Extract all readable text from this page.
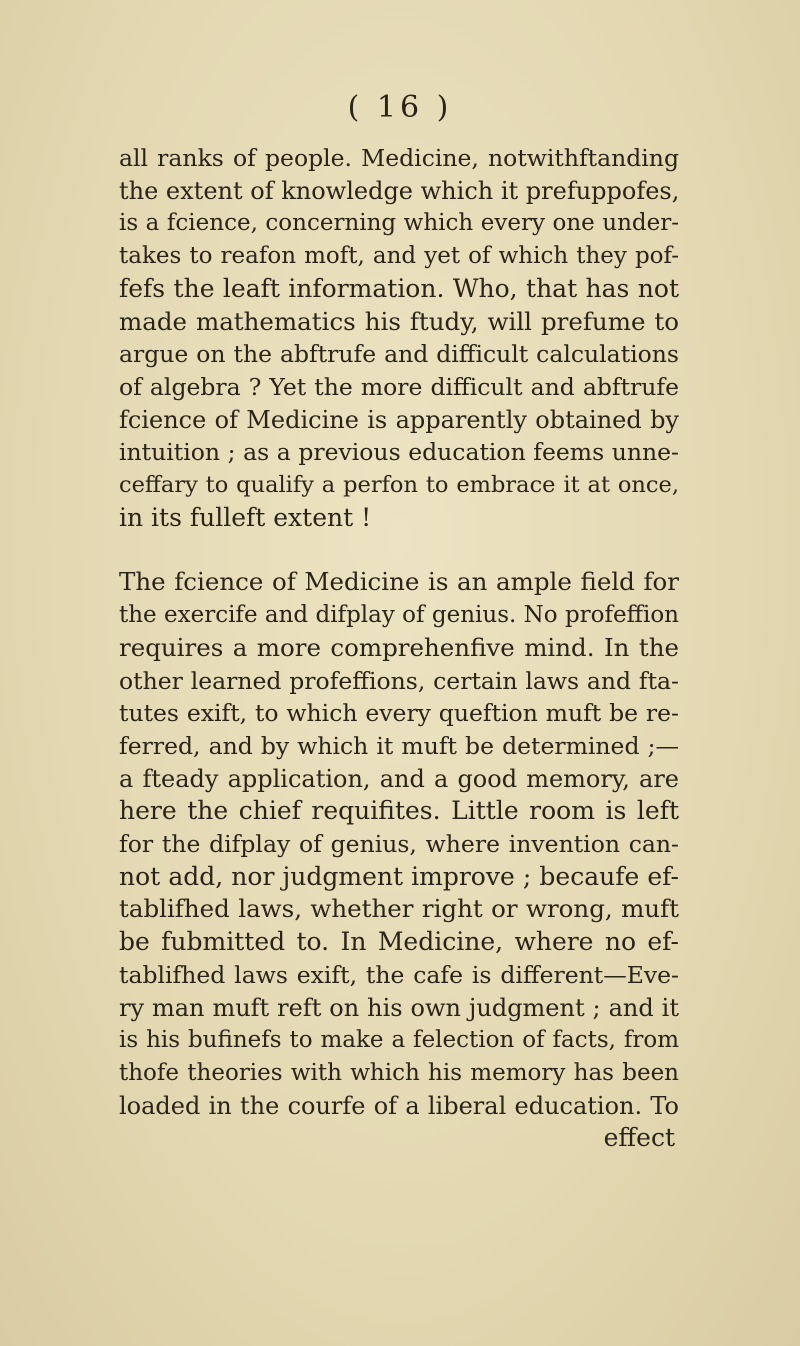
( 16 )
all ranks of people. Medicine, notwithftanding
the extent of knowledge which it prefuppofes,
is a fcience, concerning which every one under-
takes to reafon moft, and yet of which they pof-
fefs the leaft information. Who, that has not
made mathematics his ftudy, will prefume to
argue on the abftrufe and difficult calculations
of algebra ? Yet the more difficult and abftrufe
fcience of Medicine is apparently obtained by
intuition ; as a previous education feems unne-
ceffary to qualify a perfon to embrace it at once,
in its fulleft extent !
The fcience of Medicine is an ample field for
the exercife and difplay of genius. No profeffion
requires a more comprehenfive mind. In the
other learned profeffions, certain laws and fta-
tutes exift, to which every queftion muft be re-
ferred, and by which it muft be determined ;—
a fteady application, and a good memory, are
here the chief requifites. Little room is left
for the difplay of genius, where invention can-
not add, nor judgment improve ; becaufe ef-
tablifhed laws, whether right or wrong, muft
be fubmitted to. In Medicine, where no ef-
tablifhed laws exift, the cafe is different—Eve-
ry man muft reft on his own judgment ; and it
is his bufinefs to make a felection of facts, from
thofe theories with which his memory has been
loaded in the courfe of a liberal education. To
effect
